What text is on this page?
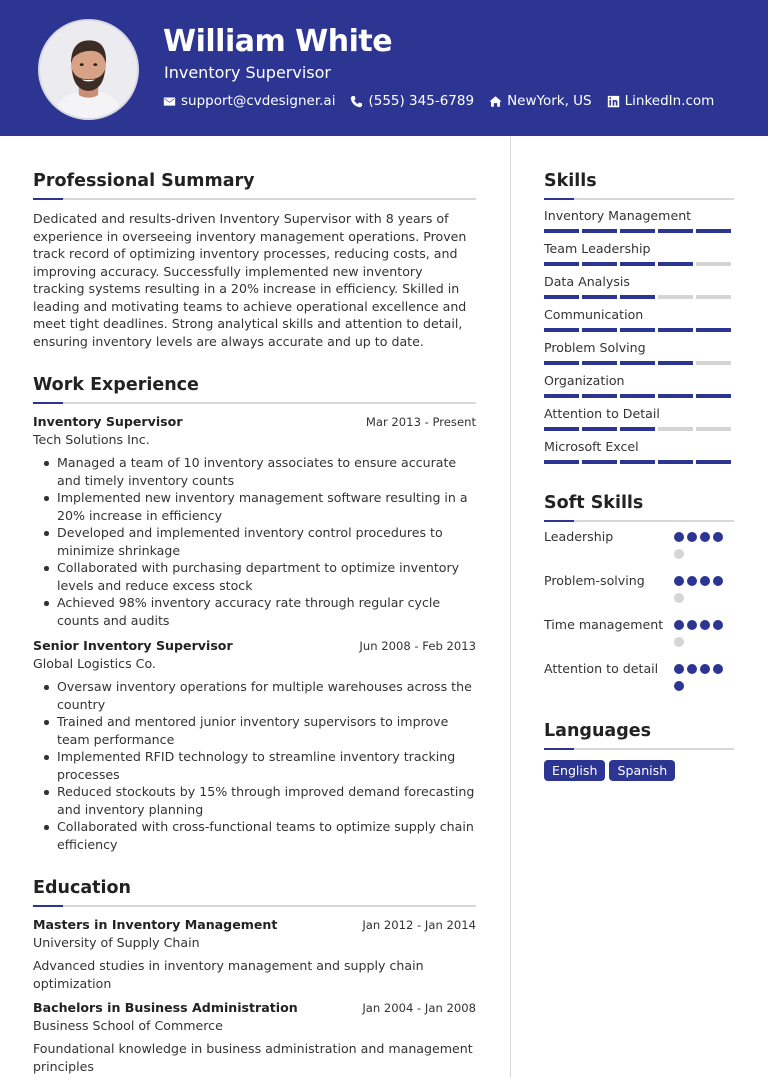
William White
Inventory Supervisor
support@cvdesigner.ai (555) 345-6789 NewYork, US LinkedIn.com
Professional Summary

Dedicated and results-driven Inventory Supervisor with 8 years of experience in overseeing inventory management operations. Proven track record of optimizing inventory processes, reducing costs, and improving accuracy. Successfully implemented new inventory tracking systems resulting in a 20% increase in efficiency. Skilled in leading and motivating teams to achieve operational excellence and meet tight deadlines. Strong analytical skills and attention to detail, ensuring inventory levels are always accurate and up to date.

Work Experience
Inventory Supervisor	Mar 2013 - Present
Tech Solutions Inc.
Managed a team of 10 inventory associates to ensure accurate and timely inventory counts
Implemented new inventory management software resulting in a 20% increase in efficiency
Developed and implemented inventory control procedures to minimize shrinkage
Collaborated with purchasing department to optimize inventory levels and reduce excess stock
Achieved 98% inventory accuracy rate through regular cycle counts and audits
Senior Inventory Supervisor	Jun 2008 - Feb 2013
Global Logistics Co.
Oversaw inventory operations for multiple warehouses across the country
Trained and mentored junior inventory supervisors to improve team performance
Implemented RFID technology to streamline inventory tracking processes
Reduced stockouts by 15% through improved demand forecasting and inventory planning
Collaborated with cross-functional teams to optimize supply chain efficiency
Education
Masters in Inventory Management	Jan 2012 - Jan 2014
University of Supply Chain

Advanced studies in inventory management and supply chain optimization

Bachelors in Business Administration	Jan 2004 - Jan 2008
Business School of Commerce

Foundational knowledge in business administration and management principles

Skills
Inventory Management
Team Leadership
Data Analysis
Communication
Problem Solving
Organization
Attention to Detail
Microsoft Excel
Soft Skills
Leadership
Problem-solving
Time management
Attention to detail
Languages
English	Spanish
